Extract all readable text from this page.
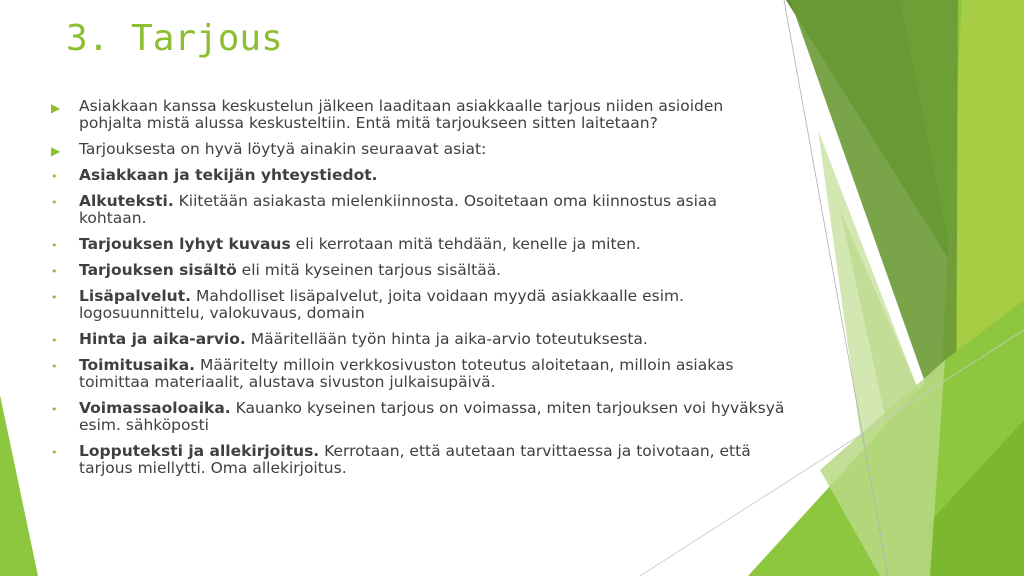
3. Tarjous
▶ Asiakkaan kanssa keskustelun jälkeen laaditaan asiakkaalle tarjous niiden asioiden pohjalta mistä alussa keskusteltiin. Entä mitä tarjoukseen sitten laitetaan?
▶ Tarjouksesta on hyvä löytyä ainakin seuraavat asiat:
• Asiakkaan ja tekijän yhteystiedot.
• Alkuteksti. Kiitetään asiakasta mielenkiinnosta. Osoitetaan oma kiinnostus asiaa kohtaan.
• Tarjouksen lyhyt kuvaus eli kerrotaan mitä tehdään, kenelle ja miten.
• Tarjouksen sisältö eli mitä kyseinen tarjous sisältää.
• Lisäpalvelut. Mahdolliset lisäpalvelut, joita voidaan myydä asiakkaalle esim. logosuunnittelu, valokuvaus, domain
• Hinta ja aika-arvio. Määritellään työn hinta ja aika-arvio toteutuksesta.
• Toimitusaika. Määritelty milloin verkkosivuston toteutus aloitetaan, milloin asiakas toimittaa materiaalit, alustava sivuston julkaisupäivä.
• Voimassaoloaika. Kauanko kyseinen tarjous on voimassa, miten tarjouksen voi hyväksyä esim. sähköposti
• Lopputeksti ja allekirjoitus. Kerrotaan, että autetaan tarvittaessa ja toivotaan, että tarjous miellytti. Oma allekirjoitus.
